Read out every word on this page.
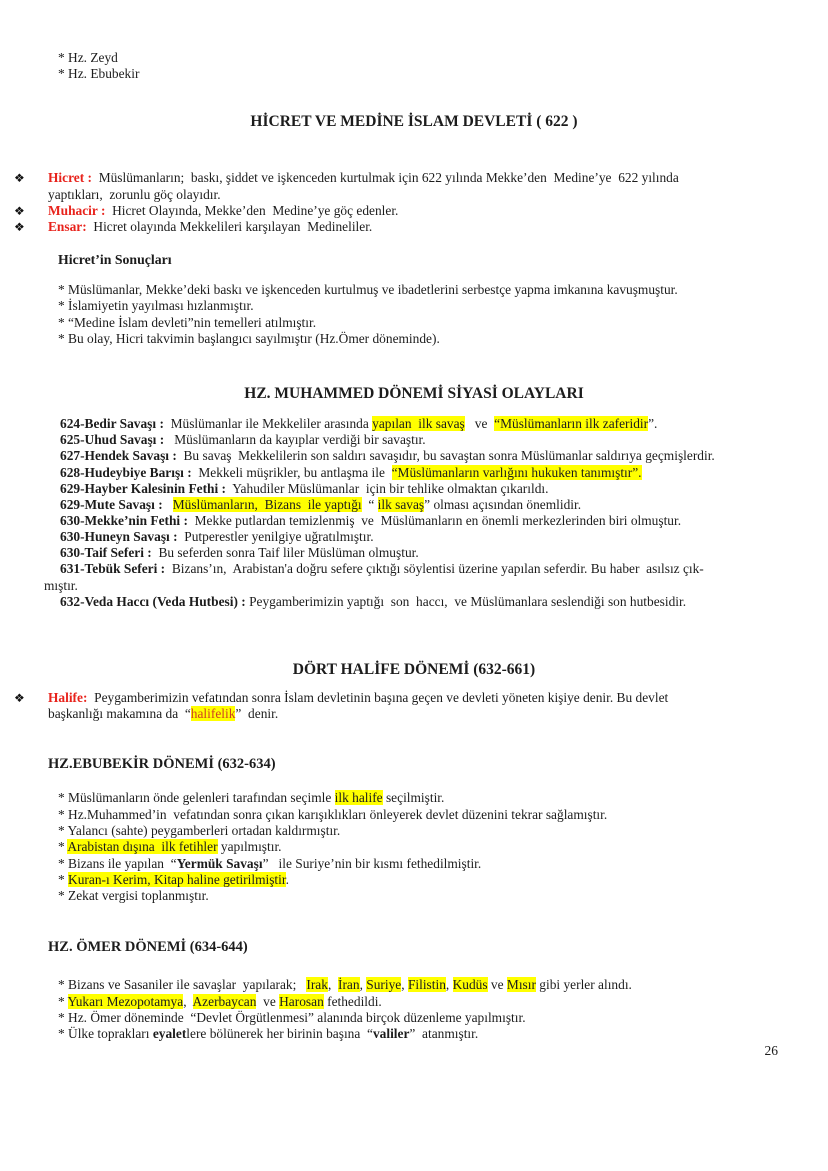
* Hz. Zeyd
* Hz. Ebubekir
HİCRET VE MEDİNE İSLAM DEVLETİ ( 622 )
❖ Hicret :  Müslümanların;  baskı, şiddet ve işkenceden kurtulmak için 622 yılında Mekke’den  Medine’ye  622 yılında
yaptıkları,  zorunlu göç olayıdır.
❖ Muhacir :  Hicret Olayında, Mekke’den  Medine’ye göç edenler.
❖ Ensar:  Hicret olayında Mekkelileri karşılayan  Medineliler.
Hicret’in Sonuçları
* Müslümanlar, Mekke’deki baskı ve işkenceden kurtulmuş ve ibadetlerini serbestçe yapma imkanına kavuşmuştur.
* İslamiyetin yayılması hızlanmıştır.
* “Medine İslam devleti”nin temelleri atılmıştır.
* Bu olay, Hicri takvimin başlangıcı sayılmıştır (Hz.Ömer döneminde).
HZ. MUHAMMED DÖNEMİ SİYASİ OLAYLARI
624-Bedir Savaşı :  Müslümanlar ile Mekkeliler arasında yapılan  ilk savaş   ve  “Müslümanların ilk zaferidir”.
625-Uhud Savaşı :   Müslümanların da kayıplar verdiği bir savaştır.
627-Hendek Savaşı :  Bu savaş  Mekkelilerin son saldırı savaşıdır, bu savaştan sonra Müslümanlar saldırıya geçmişlerdir.
628-Hudeybiye Barışı :  Mekkeli müşrikler, bu antlaşma ile  “Müslümanların varlığını hukuken tanımıştır”.
629-Hayber Kalesinin Fethi :  Yahudiler Müslümanlar  için bir tehlike olmaktan çıkarıldı.
629-Mute Savaşı :   Müslümanların,  Bizans  ile yaptığı  “ ilk savaş” olması açısından önemlidir.
630-Mekke’nin Fethi :  Mekke putlardan temizlenmiş  ve  Müslümanların en önemli merkezlerinden biri olmuştur.
630-Huneyn Savaşı :  Putperestler yenilgiye uğratılmıştır.
630-Taif Seferi :  Bu seferden sonra Taif liler Müslüman olmuştur.
631-Tebük Seferi :  Bizans’ın,  Arabistan'a doğru sefere çıktığı söylentisi üzerine yapılan seferdir. Bu haber  asılsız çık-
mıştır.
632-Veda Haccı (Veda Hutbesi) : Peygamberimizin yaptığı  son  haccı,  ve Müslümanlara seslendiği son hutbesidir.
DÖRT HALİFE DÖNEMİ (632-661)
❖ Halife:  Peygamberimizin vefatından sonra İslam devletinin başına geçen ve devleti yöneten kişiye denir. Bu devlet
başkanlığı makamına da  “halifelik”  denir.
HZ.EBUBEKİR DÖNEMİ (632-634)
* Müslümanların önde gelenleri tarafından seçimle ilk halife seçilmiştir.
* Hz.Muhammed’in  vefatından sonra çıkan karışıklıkları önleyerek devlet düzenini tekrar sağlamıştır.
* Yalancı (sahte) peygamberleri ortadan kaldırmıştır.
* Arabistan dışına  ilk fetihler yapılmıştır.
* Bizans ile yapılan  “Yermük Savaşı”   ile Suriye’nin bir kısmı fethedilmiştir.
* Kuran-ı Kerim, Kitap haline getirilmiştir.
* Zekat vergisi toplanmıştır.
HZ. ÖMER DÖNEMİ (634-644)
* Bizans ve Sasaniler ile savaşlar  yapılarak;   Irak,  İran, Suriye, Filistin, Kudüs ve Mısır gibi yerler alındı.
* Yukarı Mezopotamya,  Azerbaycan  ve Harosan fethedildi.
* Hz. Ömer döneminde  “Devlet Örgütlenmesi” alanında birçok düzenleme yapılmıştır.
* Ülke toprakları eyaletlere bölünerek her birinin başına  “valiler”  atanmıştır.
26
